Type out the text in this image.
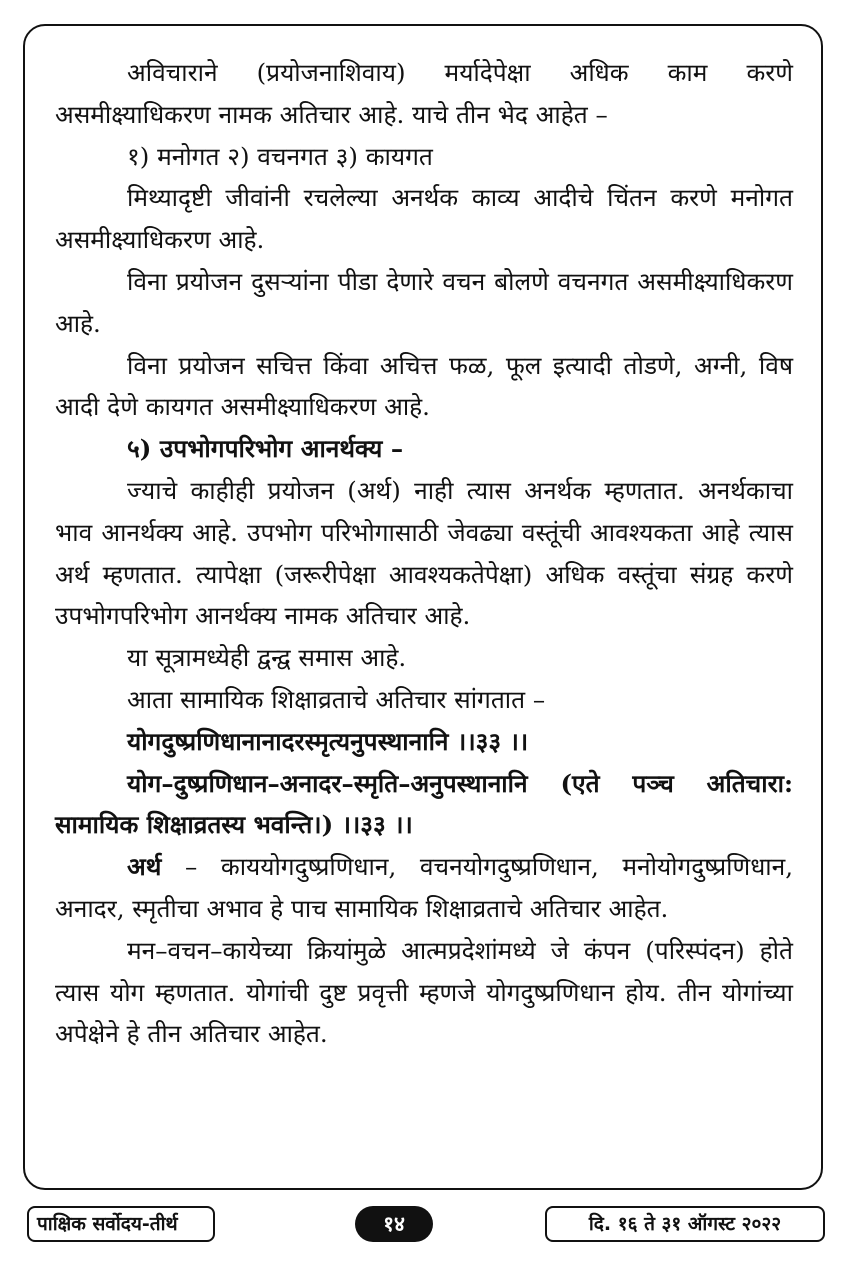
अविचाराने (प्रयोजनाशिवाय) मर्यादेपेक्षा अधिक काम करणे असमीक्ष्याधिकरण नामक अतिचार आहे. याचे तीन भेद आहेत –

१) मनोगत २) वचनगत ३) कायगत

मिथ्यादृष्टी जीवांनी रचलेल्या अनर्थक काव्य आदीचे चिंतन करणे मनोगत असमीक्ष्याधिकरण आहे.

विना प्रयोजन दुसऱ्यांना पीडा देणारे वचन बोलणे वचनगत असमीक्ष्याधिकरण आहे.

विना प्रयोजन सचित्त किंवा अचित्त फळ, फूल इत्यादी तोडणे, अग्नी, विष आदी देणे कायगत असमीक्ष्याधिकरण आहे.

५) उपभोगपरिभोग आनर्थक्य –

ज्याचे काहीही प्रयोजन (अर्थ) नाही त्यास अनर्थक म्हणतात. अनर्थकाचा भाव आनर्थक्य आहे. उपभोग परिभोगासाठी जेवढ्या वस्तूंची आवश्यकता आहे त्यास अर्थ म्हणतात. त्यापेक्षा (जरूरीपेक्षा आवश्यकतेपेक्षा) अधिक वस्तूंचा संग्रह करणे उपभोगपरिभोग आनर्थक्य नामक अतिचार आहे.

या सूत्रामध्येही द्वन्द्व समास आहे.

आता सामायिक शिक्षाव्रताचे अतिचार सांगतात –

योगदुष्प्रणिधानानादरस्मृत्यनुपस्थानानि ।।३३ ।।

योग–दुष्प्रणिधान–अनादर–स्मृति–अनुपस्थानानि (एते पञ्च अतिचारा: सामायिक शिक्षाव्रतस्य भवन्ति।) ।।३३ ।।

अर्थ – काययोगदुष्प्रणिधान, वचनयोगदुष्प्रणिधान, मनोयोगदुष्प्रणिधान, अनादर, स्मृतीचा अभाव हे पाच सामायिक शिक्षाव्रताचे अतिचार आहेत.

मन–वचन–कायेच्या क्रियांमुळे आत्मप्रदेशांमध्ये जे कंपन (परिस्पंदन) होते त्यास योग म्हणतात. योगांची दुष्ट प्रवृत्ती म्हणजे योगदुष्प्रणिधान होय. तीन योगांच्या अपेक्षेने हे तीन अतिचार आहेत.

पाक्षिक सर्वोदय-तीर्थ	१४	दि. १६ ते ३१ ऑगस्ट २०२२
